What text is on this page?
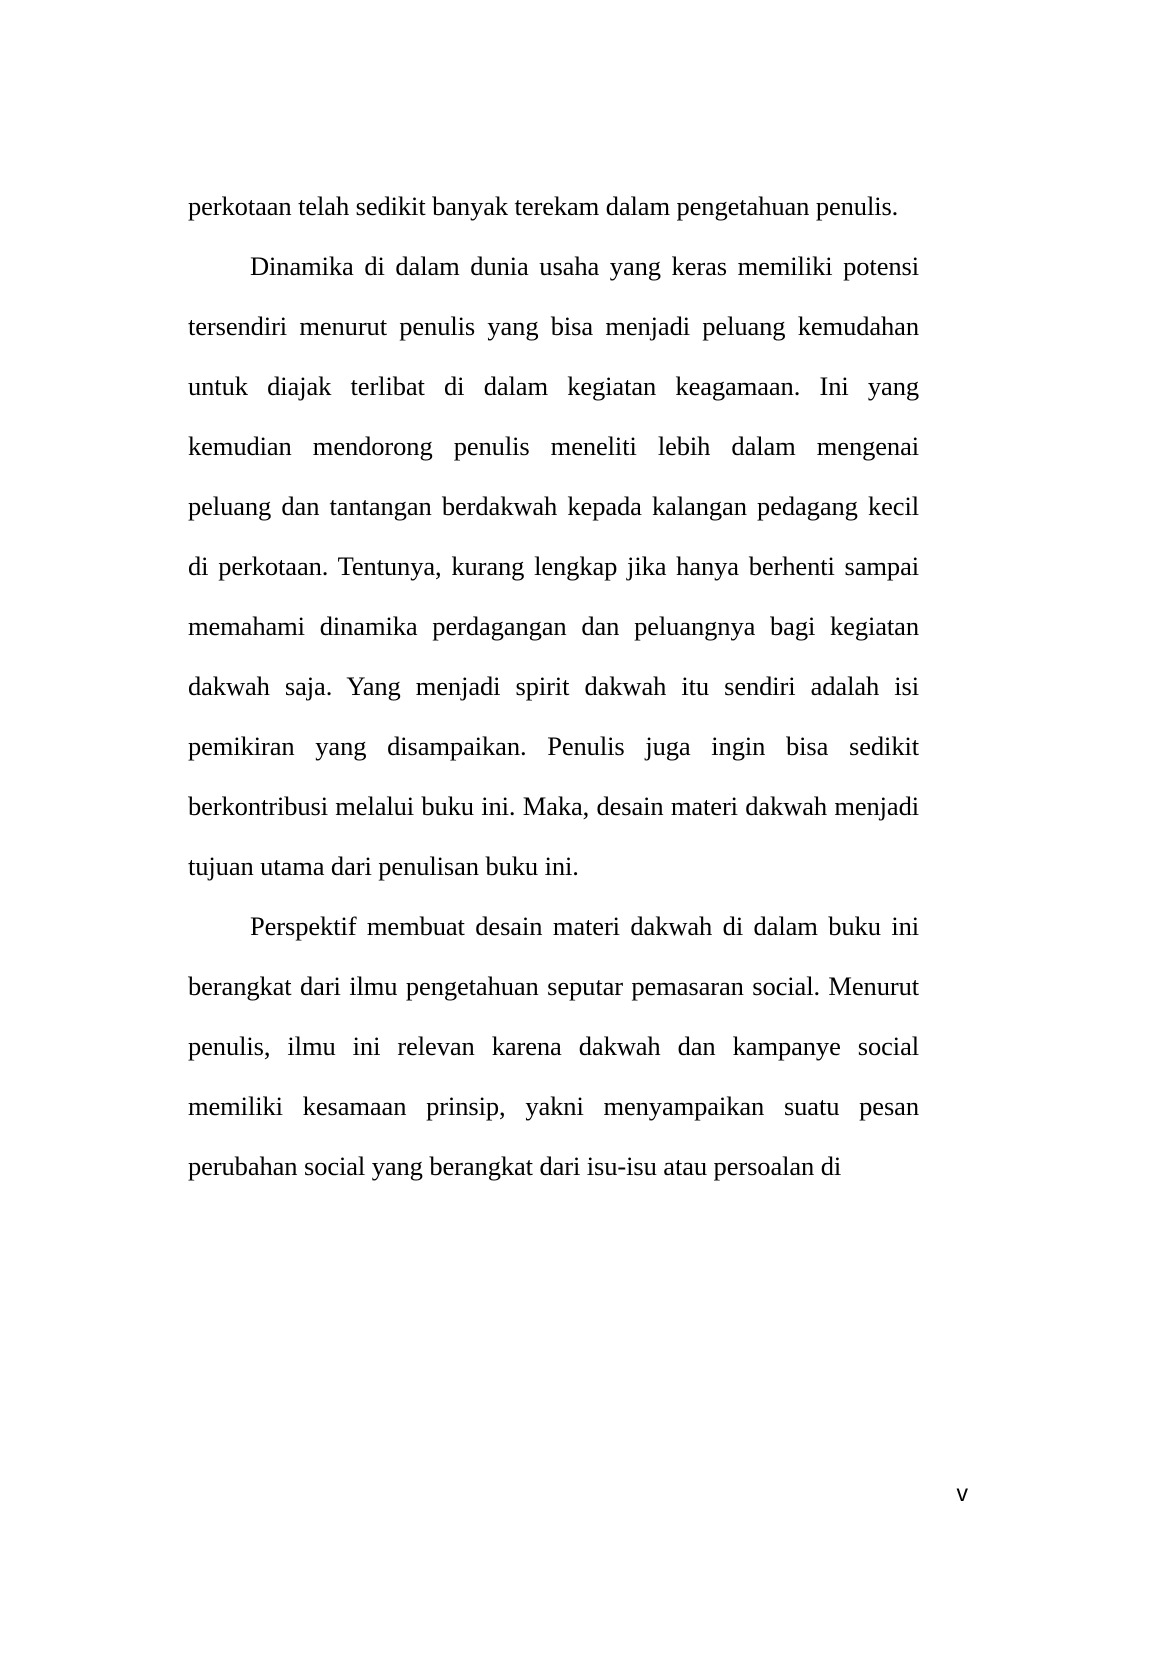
perkotaan telah sedikit banyak terekam dalam pengetahuan penulis.

Dinamika di dalam dunia usaha yang keras memiliki potensi tersendiri menurut penulis yang bisa menjadi peluang kemudahan untuk diajak terlibat di dalam kegiatan keagamaan. Ini yang kemudian mendorong penulis meneliti lebih dalam mengenai peluang dan tantangan berdakwah kepada kalangan pedagang kecil di perkotaan. Tentunya, kurang lengkap jika hanya berhenti sampai memahami dinamika perdagangan dan peluangnya bagi kegiatan dakwah saja. Yang menjadi spirit dakwah itu sendiri adalah isi pemikiran yang disampaikan. Penulis juga ingin bisa sedikit berkontribusi melalui buku ini. Maka, desain materi dakwah menjadi tujuan utama dari penulisan buku ini.

Perspektif membuat desain materi dakwah di dalam buku ini berangkat dari ilmu pengetahuan seputar pemasaran social. Menurut penulis, ilmu ini relevan karena dakwah dan kampanye social memiliki kesamaan prinsip, yakni menyampaikan suatu pesan perubahan social yang berangkat dari isu-isu atau persoalan di

v
